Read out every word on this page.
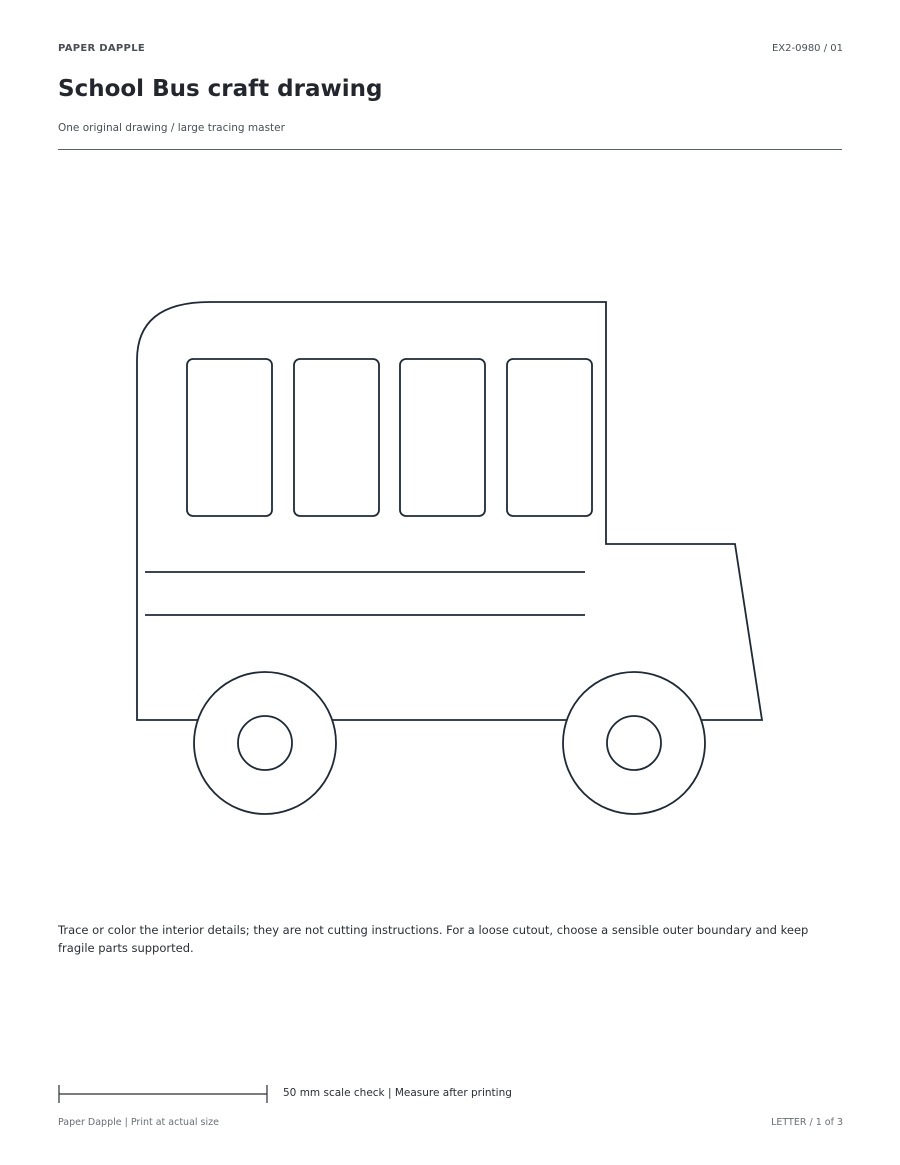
PAPER DAPPLE	EX2-0980 / 01
School Bus craft drawing
One original drawing / large tracing master
Trace or color the interior details; they are not cutting instructions. For a loose cutout, choose a sensible outer boundary and keep fragile parts supported.
50 mm scale check | Measure after printing
Paper Dapple | Print at actual size	LETTER / 1 of 3
